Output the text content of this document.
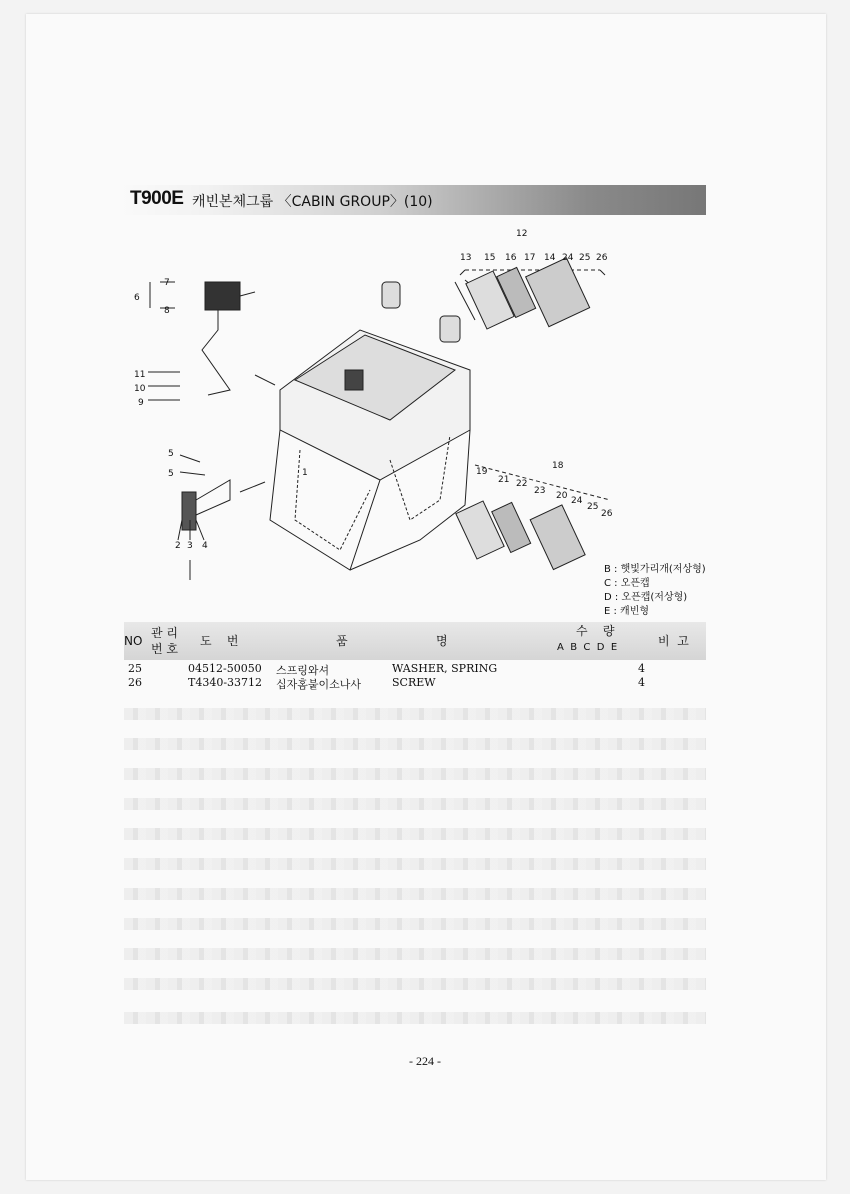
T900E 캐빈본체그룹 〈CABIN GROUP〉(10)
1
2 3 4
5
5
6
7
8
9
10
11
12
13 15 16 17 14 24 25 26
18
19
21 22
23 20 24
25
26
B : 햇빛가리개(저상형)
C : 오픈캡
D : 오픈캡(저상형)
E : 캐빈형
NO
관 리
번 호
도    번	품	명
수    량
A  B  C  D  E	비  고
25	04512-50050 스프링와셔	WASHER, SPRING	4
26	T4340-33712 십자홈붙이소나사	SCREW	4
- 224 -
